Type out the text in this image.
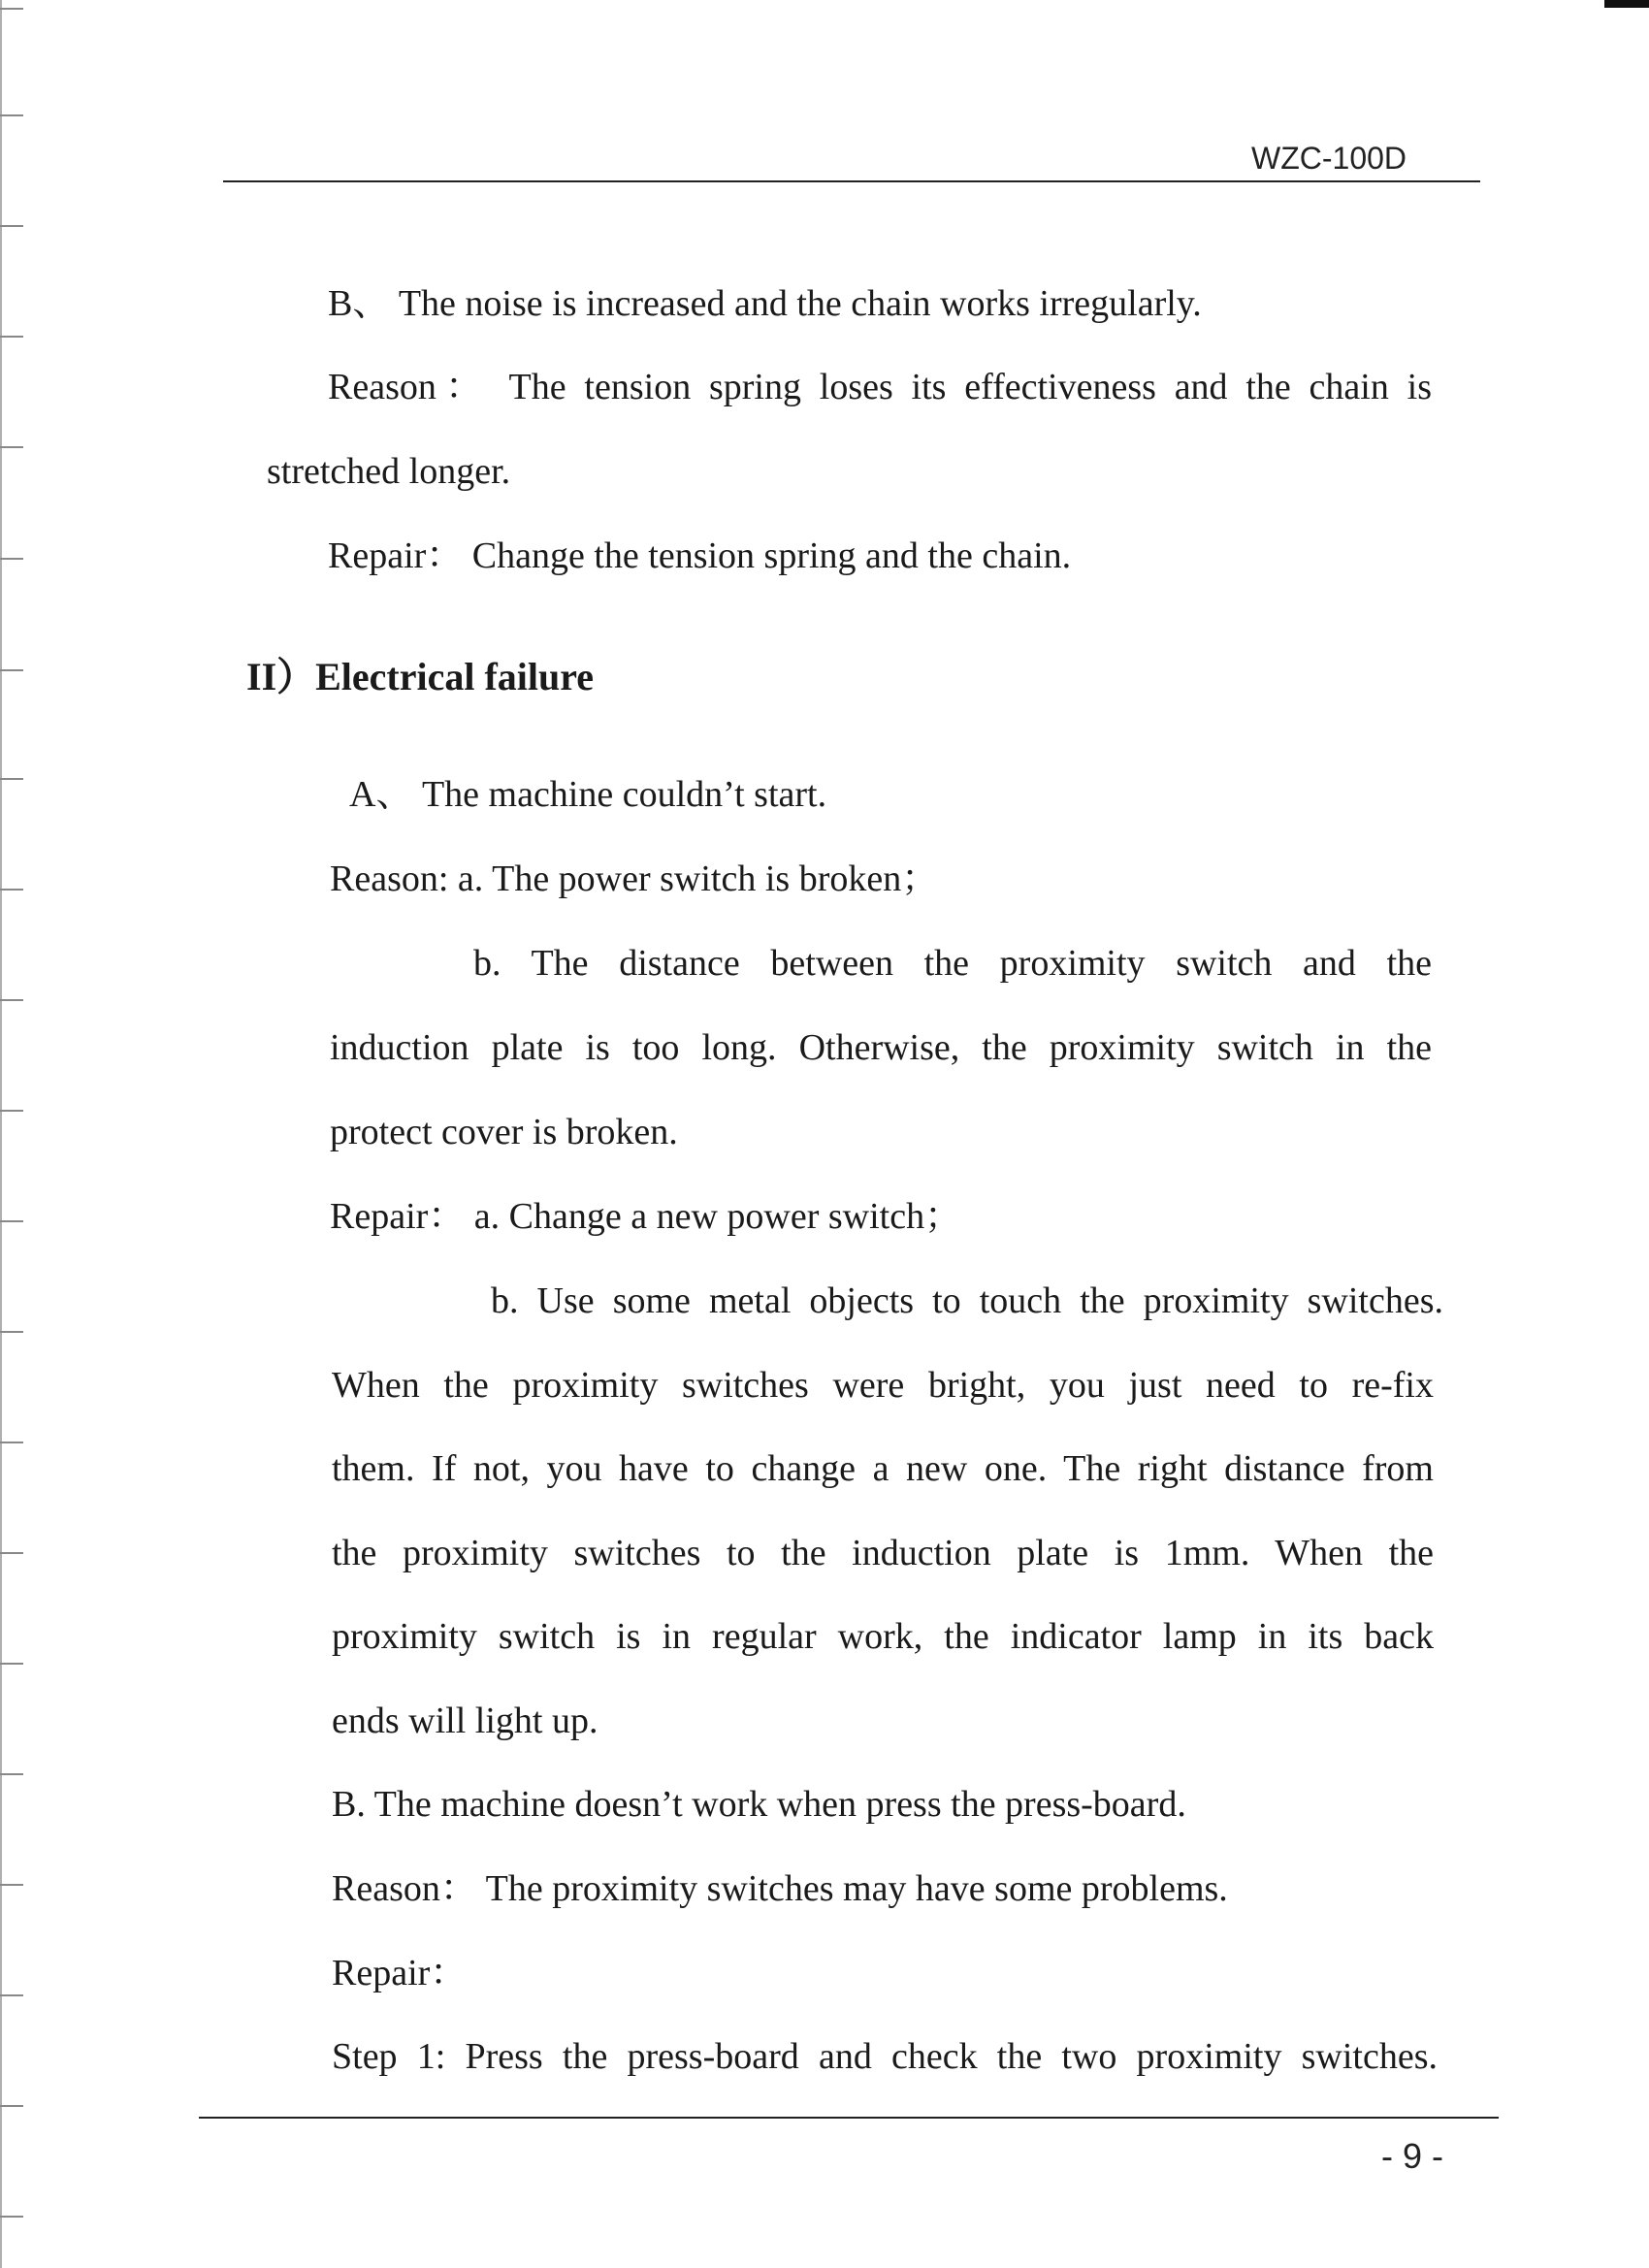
WZC-100D
B、 The noise is increased and the chain works irregularly.
Reason： The tension spring loses its effectiveness and the chain is
stretched longer.
Repair： Change the tension spring and the chain.
II）Electrical failure
A、 The machine couldn’t start.
Reason: a. The power switch is broken；
b. The distance between the proximity switch and the
induction plate is too long. Otherwise, the proximity switch in the
protect cover is broken.
Repair： a. Change a new power switch；
b. Use some metal objects to touch the proximity switches.
When the proximity switches were bright, you just need to re-fix
them. If not, you have to change a new one. The right distance from
the proximity switches to the induction plate is 1mm. When the
proximity switch is in regular work, the indicator lamp in its back
ends will light up.
B. The machine doesn’t work when press the press-board.
Reason： The proximity switches may have some problems.
Repair：
Step 1: Press the press-board and check the two proximity switches.
- 9 -
